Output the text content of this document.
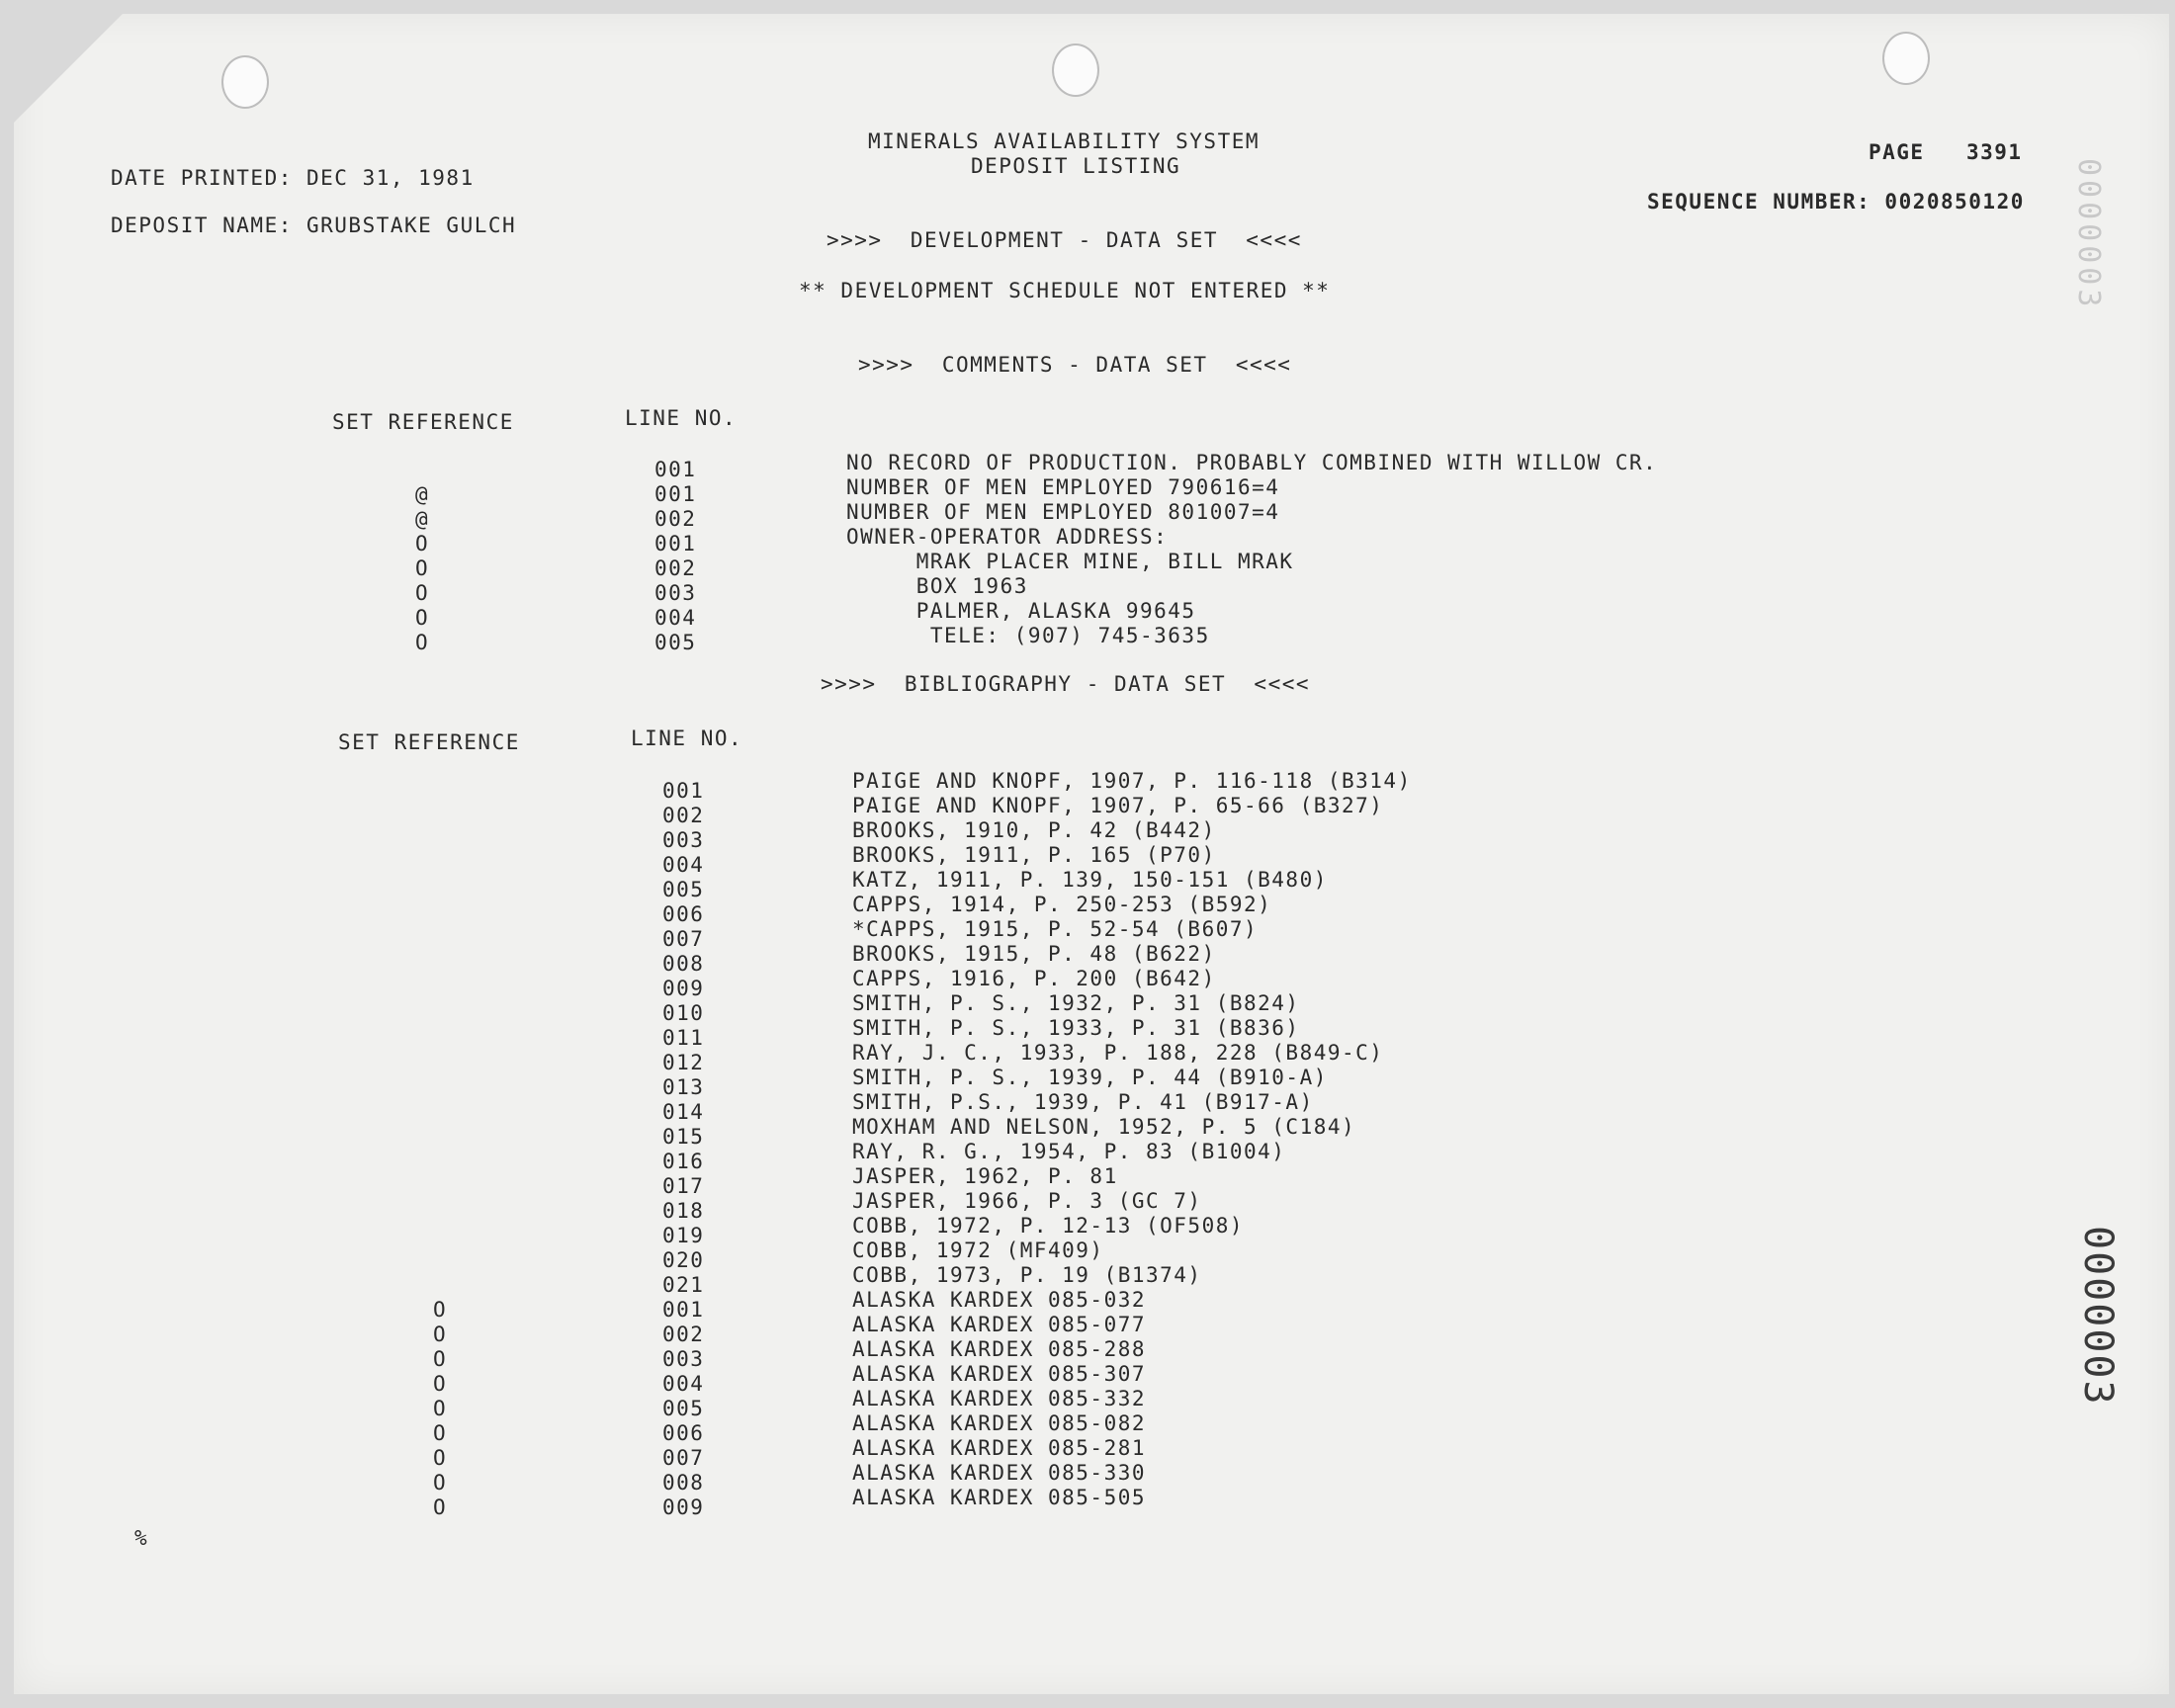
DATE PRINTED: DEC 31, 1981
DEPOSIT NAME: GRUBSTAKE GULCH
MINERALS AVAILABILITY SYSTEM
DEPOSIT LISTING
PAGE   3391
SEQUENCE NUMBER: 0020850120
>>>>  DEVELOPMENT - DATA SET  <<<<
** DEVELOPMENT SCHEDULE NOT ENTERED **
>>>>  COMMENTS - DATA SET  <<<<
SET REFERENCE	LINE NO.
@
@
O
O
O
O
O
001
001
002
001
002
003
004
005
NO RECORD OF PRODUCTION. PROBABLY COMBINED WITH WILLOW CR.
NUMBER OF MEN EMPLOYED 790616=4
NUMBER OF MEN EMPLOYED 801007=4
OWNER-OPERATOR ADDRESS:
MRAK PLACER MINE, BILL MRAK
BOX 1963
PALMER, ALASKA 99645
TELE: (907) 745-3635
>>>>  BIBLIOGRAPHY - DATA SET  <<<<
SET REFERENCE	LINE NO.
O
O
O
O
O
O
O
O
O
001
002
003
004
005
006
007
008
009
010
011
012
013
014
015
016
017
018
019
020
021
001
002
003
004
005
006
007
008
009
PAIGE AND KNOPF, 1907, P. 116-118 (B314)
PAIGE AND KNOPF, 1907, P. 65-66 (B327)
BROOKS, 1910, P. 42 (B442)
BROOKS, 1911, P. 165 (P70)
KATZ, 1911, P. 139, 150-151 (B480)
CAPPS, 1914, P. 250-253 (B592)
*CAPPS, 1915, P. 52-54 (B607)
BROOKS, 1915, P. 48 (B622)
CAPPS, 1916, P. 200 (B642)
SMITH, P. S., 1932, P. 31 (B824)
SMITH, P. S., 1933, P. 31 (B836)
RAY, J. C., 1933, P. 188, 228 (B849-C)
SMITH, P. S., 1939, P. 44 (B910-A)
SMITH, P.S., 1939, P. 41 (B917-A)
MOXHAM AND NELSON, 1952, P. 5 (C184)
RAY, R. G., 1954, P. 83 (B1004)
JASPER, 1962, P. 81
JASPER, 1966, P. 3 (GC 7)
COBB, 1972, P. 12-13 (OF508)
COBB, 1972 (MF409)
COBB, 1973, P. 19 (B1374)
ALASKA KARDEX 085-032
ALASKA KARDEX 085-077
ALASKA KARDEX 085-288
ALASKA KARDEX 085-307
ALASKA KARDEX 085-332
ALASKA KARDEX 085-082
ALASKA KARDEX 085-281
ALASKA KARDEX 085-330
ALASKA KARDEX 085-505
%
0000003
0000003
